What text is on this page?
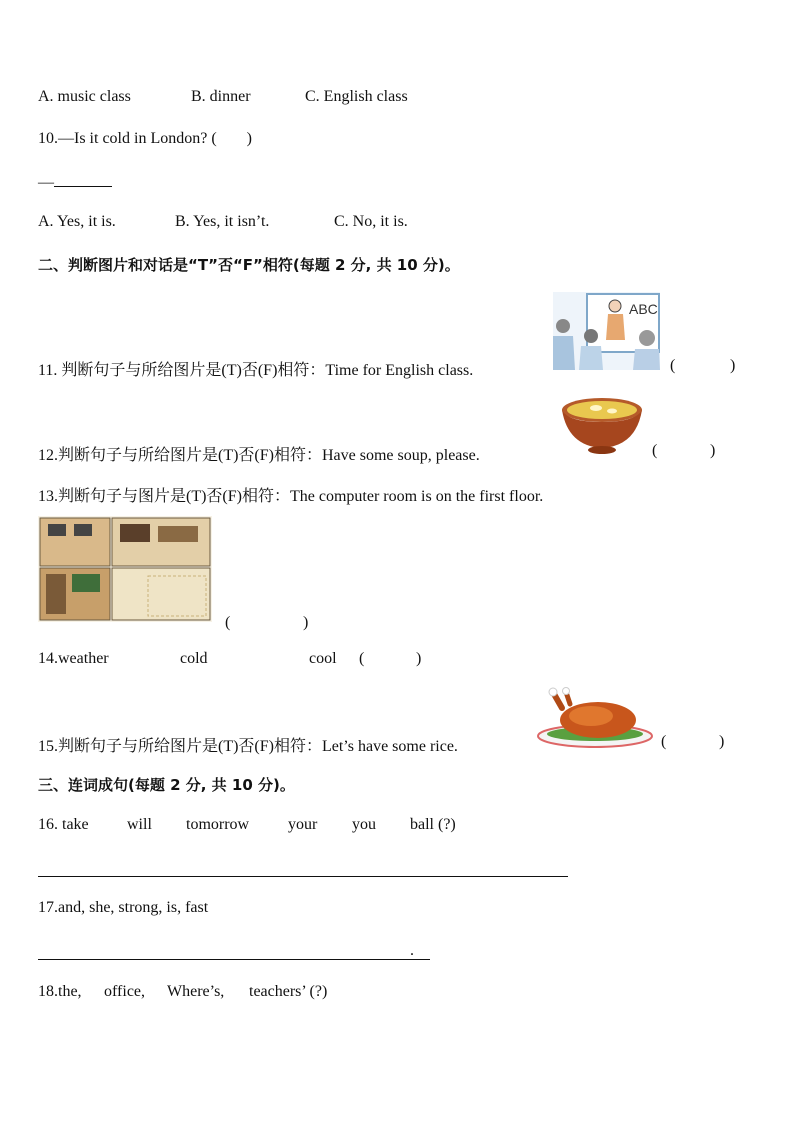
A. music class	B. dinner	C. English class
10.—Is it cold in London? ( )
—
A. Yes, it is.	B. Yes, it isn’t.	C. No, it is.
二、判断图片和对话是“T”否“F”相符(每题 2 分, 共 10 分)。
ABC
11. 判断句子与所给图片是(T)否(F)相符：Time for English class.	(	)
12.判断句子与所给图片是(T)否(F)相符：Have some soup, please.	(	)
13.判断句子与图片是(T)否(F)相符：The computer room is on the first floor.
(	)
14.weather	cold	cool (	)
15.判断句子与所给图片是(T)否(F)相符：Let’s have some rice.	(	)
三、连词成句(每题 2 分, 共 10 分)。
16. take will tomorrow your you ball (?)
17.and, she, strong, is, fast
.
18.the, office, Where’s, teachers’ (?)
